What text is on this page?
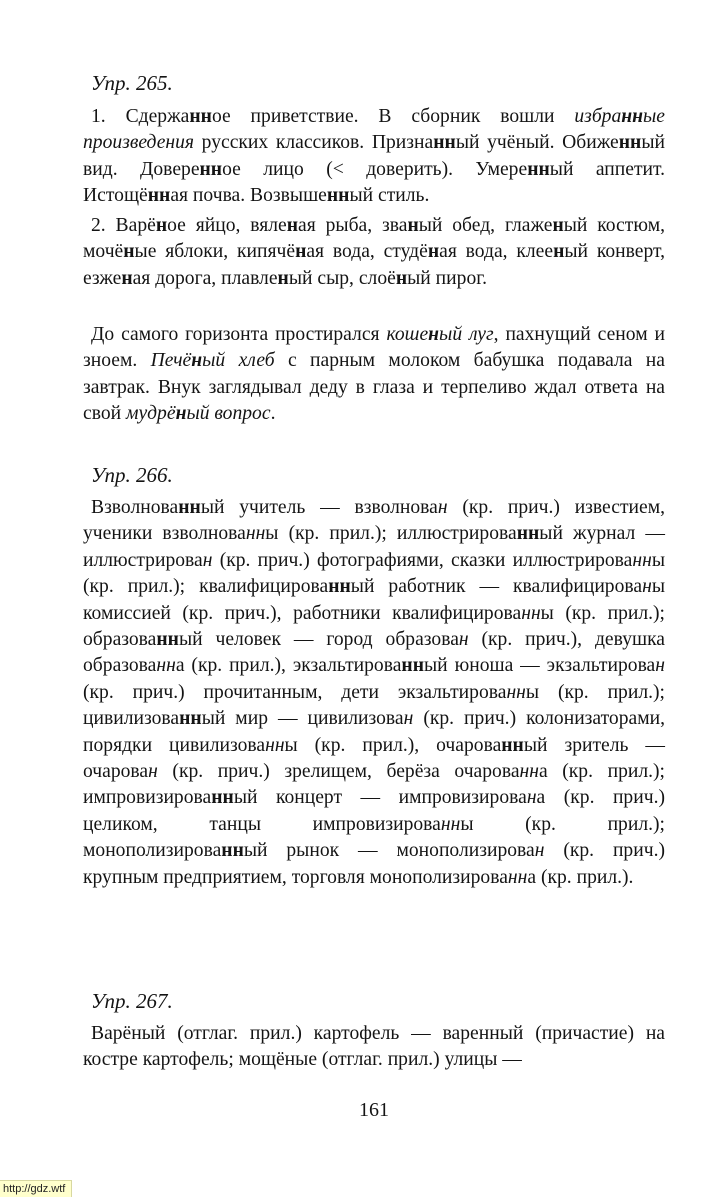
Упр. 265.
1. Сдержанное приветствие. В сборник вошли избранные произведения русских классиков. Признанный учёный. Обиженный вид. Доверенное лицо (< доверить). Умеренный аппетит. Истощённая почва. Возвышенный стиль.
2. Варёное яйцо, вяленая рыба, званый обед, глаженый костюм, мочёные яблоки, кипячёная вода, студёная вода, клееный конверт, езженая дорога, плавленый сыр, слоёный пирог.
До самого горизонта простирался кошеный луг, пахнущий сеном и зноем. Печёный хлеб с парным молоком бабушка подавала на завтрак. Внук заглядывал деду в глаза и терпеливо ждал ответа на свой мудрёный вопрос.
Упр. 266.
Взволнованный учитель — взволнован (кр. прич.) известием, ученики взволнованны (кр. прил.); иллюстрированный журнал — иллюстрирован (кр. прич.) фотографиями, сказки иллюстрированны (кр. прил.); квалифицированный работник — квалифицированы комиссией (кр. прич.), работники квалифицированны (кр. прил.); образованный человек — город образован (кр. прич.), девушка образованна (кр. прил.), экзальтированный юноша — экзальтирован (кр. прич.) прочитанным, дети экзальтированны (кр. прил.); цивилизованный мир — цивилизован (кр. прич.) колонизаторами, порядки цивилизованны (кр. прил.), очарованный зритель — очарован (кр. прич.) зрелищем, берёза очарованна (кр. прил.); импровизированный концерт — импровизирована (кр. прич.) целиком, танцы импровизированны (кр. прил.); монополизированный рынок — монополизирован (кр. прич.) крупным предприятием, торговля монополизированна (кр. прил.).
Упр. 267.
Варёный (отглаг. прил.) картофель — варенный (причастие) на костре картофель; мощёные (отглаг. прил.) улицы —
161
http://gdz.wtf
